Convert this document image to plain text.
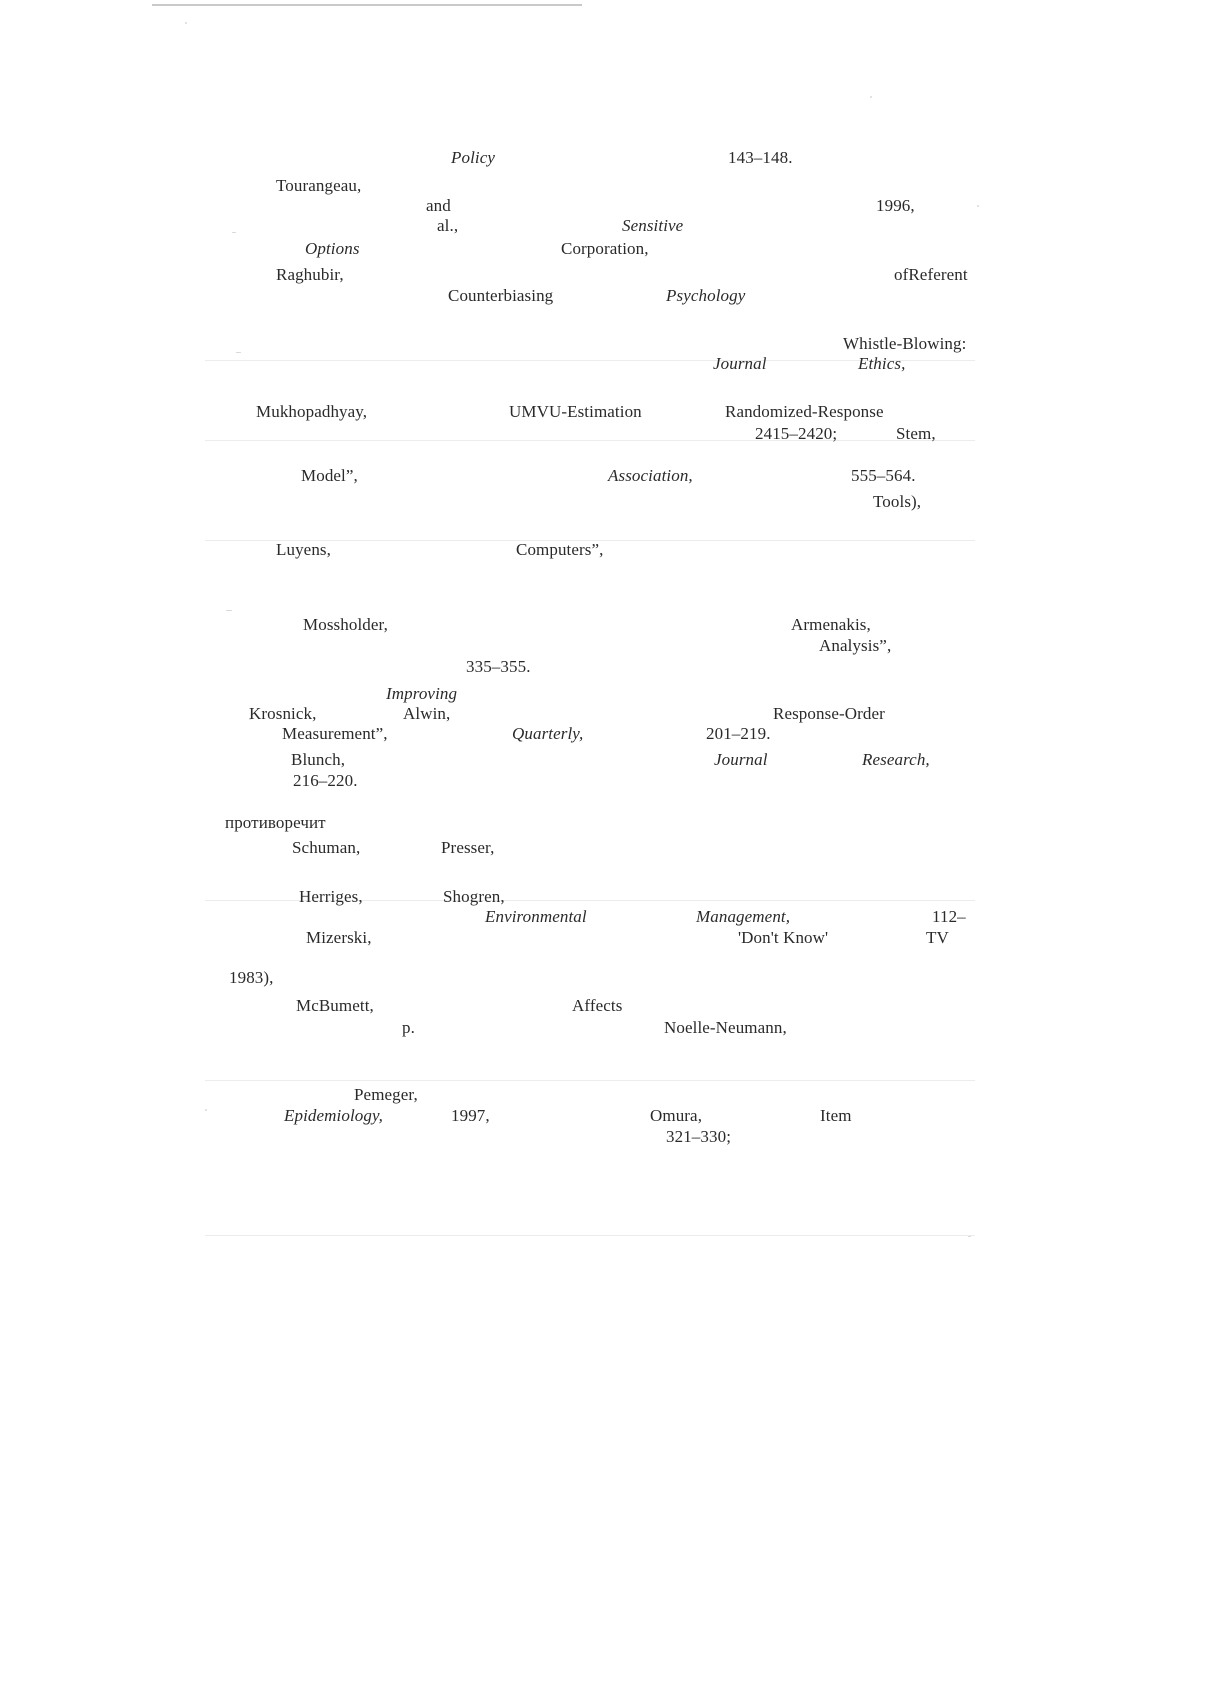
Policy	143–148.
Tourangeau,
and	1996,
al.,	Sensitive
Options	Corporation,
Raghubir,	ofReferent
Counterbiasing	Psychology
Whistle-Blowing:
Journal	Ethics,
Mukhopadhyay,	UMVU-Estimation	Randomized-Response
2415–2420;	Stem,
Model”,	Association,	555–564.
Tools),
Luyens,	Computers”,
Mossholder,	Armenakis,
Analysis”,
335–355.
Improving
Krosnick,	Alwin,	Response-Order
Measurement”,	Quarterly,	201–219.
Blunch,	Journal	Research,
216–220.
противоречит
Schuman,	Presser,
Herriges,	Shogren,
Environmental	Management,	112–
Mizerski,	'Don't Know'	TV
1983),
McBumett,	Affects
p.	Noelle-Neumann,
Pemeger,
Epidemiology,	1997,	Omura,	Item
321–330;
